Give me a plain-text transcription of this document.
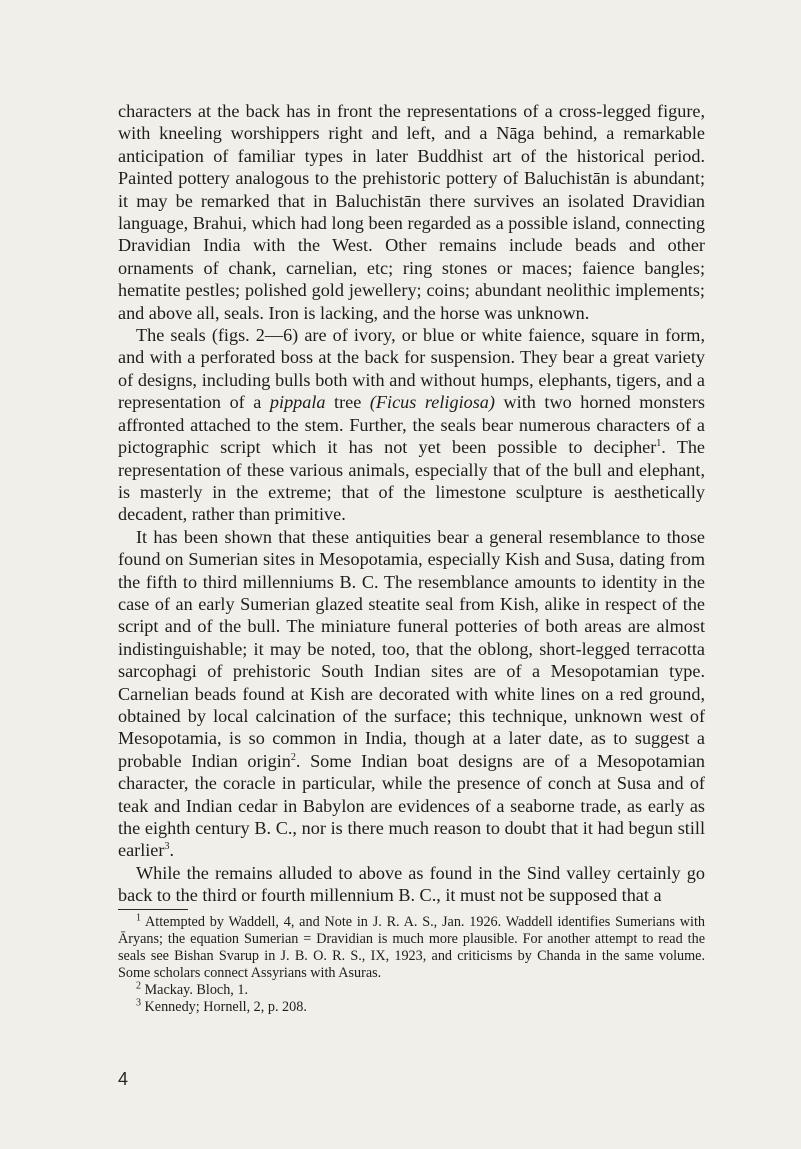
characters at the back has in front the representations of a cross-legged figure, with kneeling worshippers right and left, and a Nāga behind, a remarkable anticipation of familiar types in later Buddhist art of the historical period. Painted pottery analogous to the prehistoric pottery of Baluchistān is abundant; it may be remarked that in Baluchistān there survives an isolated Dravidian language, Brahui, which had long been regarded as a possible island, connecting Dravidian India with the West. Other remains include beads and other ornaments of chank, carnelian, etc; ring stones or maces; faience bangles; hematite pestles; polished gold jewellery; coins; abundant neolithic implements; and above all, seals. Iron is lacking, and the horse was unknown.

The seals (figs. 2—6) are of ivory, or blue or white faience, square in form, and with a perforated boss at the back for suspension. They bear a great variety of designs, including bulls both with and without humps, elephants, tigers, and a representation of a pippala tree (Ficus religiosa) with two horned monsters affronted attached to the stem. Further, the seals bear numerous characters of a pictographic script which it has not yet been possible to decipher$^1$. The representation of these various animals, especially that of the bull and elephant, is masterly in the extreme; that of the limestone sculpture is aesthetically decadent, rather than primitive.

It has been shown that these antiquities bear a general resemblance to those found on Sumerian sites in Mesopotamia, especially Kish and Susa, dating from the fifth to third millenniums B. C. The resemblance amounts to identity in the case of an early Sumerian glazed steatite seal from Kish, alike in respect of the script and of the bull. The miniature funeral potteries of both areas are almost indistinguishable; it may be noted, too, that the oblong, short-legged terracotta sarcophagi of prehistoric South Indian sites are of a Mesopotamian type. Carnelian beads found at Kish are decorated with white lines on a red ground, obtained by local calcination of the surface; this technique, unknown west of Mesopotamia, is so common in India, though at a later date, as to suggest a probable Indian origin$^2$. Some Indian boat designs are of a Mesopotamian character, the coracle in particular, while the presence of conch at Susa and of teak and Indian cedar in Babylon are evidences of a seaborne trade, as early as the eighth century B. C., nor is there much reason to doubt that it had begun still earlier$^3$.

While the remains alluded to above as found in the Sind valley certainly go back to the third or fourth millennium B. C., it must not be supposed that a

$^1$ Attempted by Waddell, 4, and Note in J. R. A. S., Jan. 1926. Waddell identifies Sumerians with Āryans; the equation Sumerian = Dravidian is much more plausible. For another attempt to read the seals see Bishan Svarup in J. B. O. R. S., IX, 1923, and criticisms by Chanda in the same volume. Some scholars connect Assyrians with Asuras.

$^2$ Mackay. Bloch, 1.

$^3$ Kennedy; Hornell, 2, p. 208.

4
